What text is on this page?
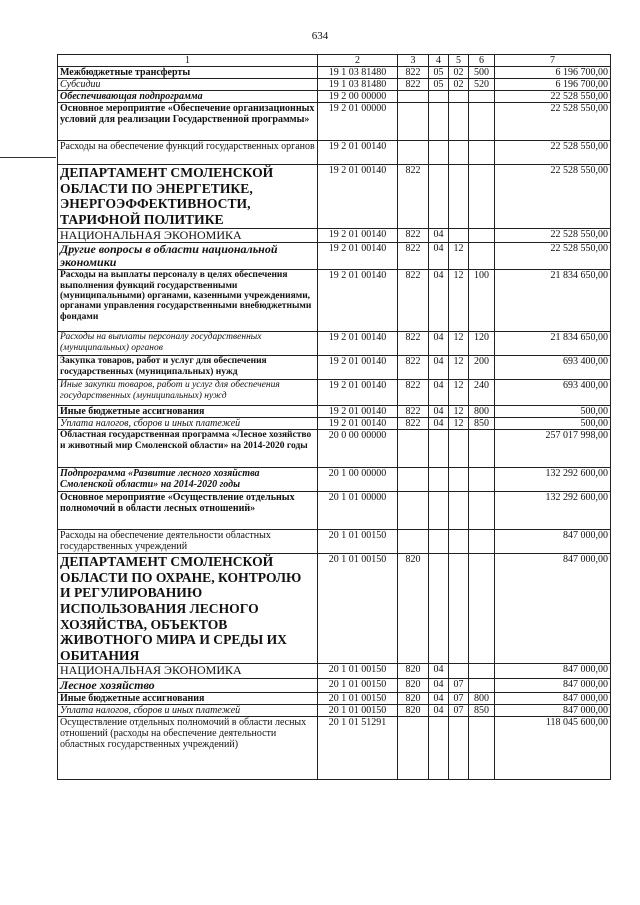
634
1	2	3	4	5	6	7
Межбюджетные трансферты	19 1 03 81480	822	05	02	500	6 196 700,00
Субсидии	19 1 03 81480	822	05	02	520	6 196 700,00
Обеспечивающая подпрограмма	19 2 00 00000					22 528 550,00
Основное мероприятие «Обеспечение организационных условий для реализации Государственной программы»	19 2 01 00000					22 528 550,00
Расходы на обеспечение функций государственных органов	19 2 01 00140					22 528 550,00
ДЕПАРТАМЕНТ СМОЛЕНСКОЙ ОБЛАСТИ ПО ЭНЕРГЕТИКЕ, ЭНЕРГОЭФФЕКТИВНОСТИ, ТАРИФНОЙ ПОЛИТИКЕ	19 2 01 00140	822				22 528 550,00
НАЦИОНАЛЬНАЯ ЭКОНОМИКА	19 2 01 00140	822	04			22 528 550,00
Другие вопросы в области национальной экономики	19 2 01 00140	822	04	12		22 528 550,00
Расходы на выплаты персоналу в целях обеспечения выполнения функций государственными (муниципальными) органами, казенными учреждениями, органами управления государственными внебюджетными фондами	19 2 01 00140	822	04	12	100	21 834 650,00
Расходы на выплаты персоналу государственных (муниципальных) органов	19 2 01 00140	822	04	12	120	21 834 650,00
Закупка товаров, работ и услуг для обеспечения государственных (муниципальных) нужд	19 2 01 00140	822	04	12	200	693 400,00
Иные закупки товаров, работ и услуг для обеспечения государственных (муниципальных) нужд	19 2 01 00140	822	04	12	240	693 400,00
Иные бюджетные ассигнования	19 2 01 00140	822	04	12	800	500,00
Уплата налогов, сборов и иных платежей	19 2 01 00140	822	04	12	850	500,00
Областная государственная программа «Лесное хозяйство и животный мир Смоленской области» на 2014-2020 годы	20 0 00 00000					257 017 998,00
Подпрограмма «Развитие лесного хозяйства Смоленской области» на 2014-2020 годы	20 1 00 00000					132 292 600,00
Основное мероприятие «Осуществление отдельных полномочий в области лесных отношений»	20 1 01 00000					132 292 600,00
Расходы на обеспечение деятельности областных государственных учреждений	20 1 01 00150					847 000,00
ДЕПАРТАМЕНТ СМОЛЕНСКОЙ ОБЛАСТИ ПО ОХРАНЕ, КОНТРОЛЮ И РЕГУЛИРОВАНИЮ ИСПОЛЬЗОВАНИЯ ЛЕСНОГО ХОЗЯЙСТВА, ОБЪЕКТОВ ЖИВОТНОГО МИРА И СРЕДЫ ИХ ОБИТАНИЯ	20 1 01 00150	820				847 000,00
НАЦИОНАЛЬНАЯ ЭКОНОМИКА	20 1 01 00150	820	04			847 000,00
Лесное хозяйство	20 1 01 00150	820	04	07		847 000,00
Иные бюджетные ассигнования	20 1 01 00150	820	04	07	800	847 000,00
Уплата налогов, сборов и иных платежей	20 1 01 00150	820	04	07	850	847 000,00
Осуществление отдельных полномочий в области лесных отношений (расходы на обеспечение деятельности областных государственных учреждений)	20 1 01 51291					118 045 600,00
